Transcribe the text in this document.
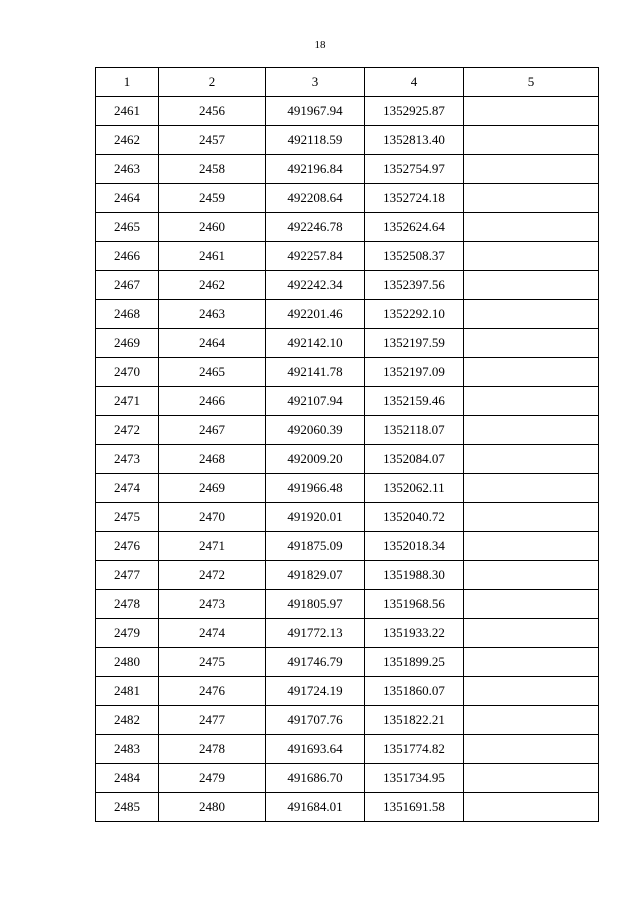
18
1	2	3	4	5
2461	2456	491967.94	1352925.87	
2462	2457	492118.59	1352813.40	
2463	2458	492196.84	1352754.97	
2464	2459	492208.64	1352724.18	
2465	2460	492246.78	1352624.64	
2466	2461	492257.84	1352508.37	
2467	2462	492242.34	1352397.56	
2468	2463	492201.46	1352292.10	
2469	2464	492142.10	1352197.59	
2470	2465	492141.78	1352197.09	
2471	2466	492107.94	1352159.46	
2472	2467	492060.39	1352118.07	
2473	2468	492009.20	1352084.07	
2474	2469	491966.48	1352062.11	
2475	2470	491920.01	1352040.72	
2476	2471	491875.09	1352018.34	
2477	2472	491829.07	1351988.30	
2478	2473	491805.97	1351968.56	
2479	2474	491772.13	1351933.22	
2480	2475	491746.79	1351899.25	
2481	2476	491724.19	1351860.07	
2482	2477	491707.76	1351822.21	
2483	2478	491693.64	1351774.82	
2484	2479	491686.70	1351734.95	
2485	2480	491684.01	1351691.58	
